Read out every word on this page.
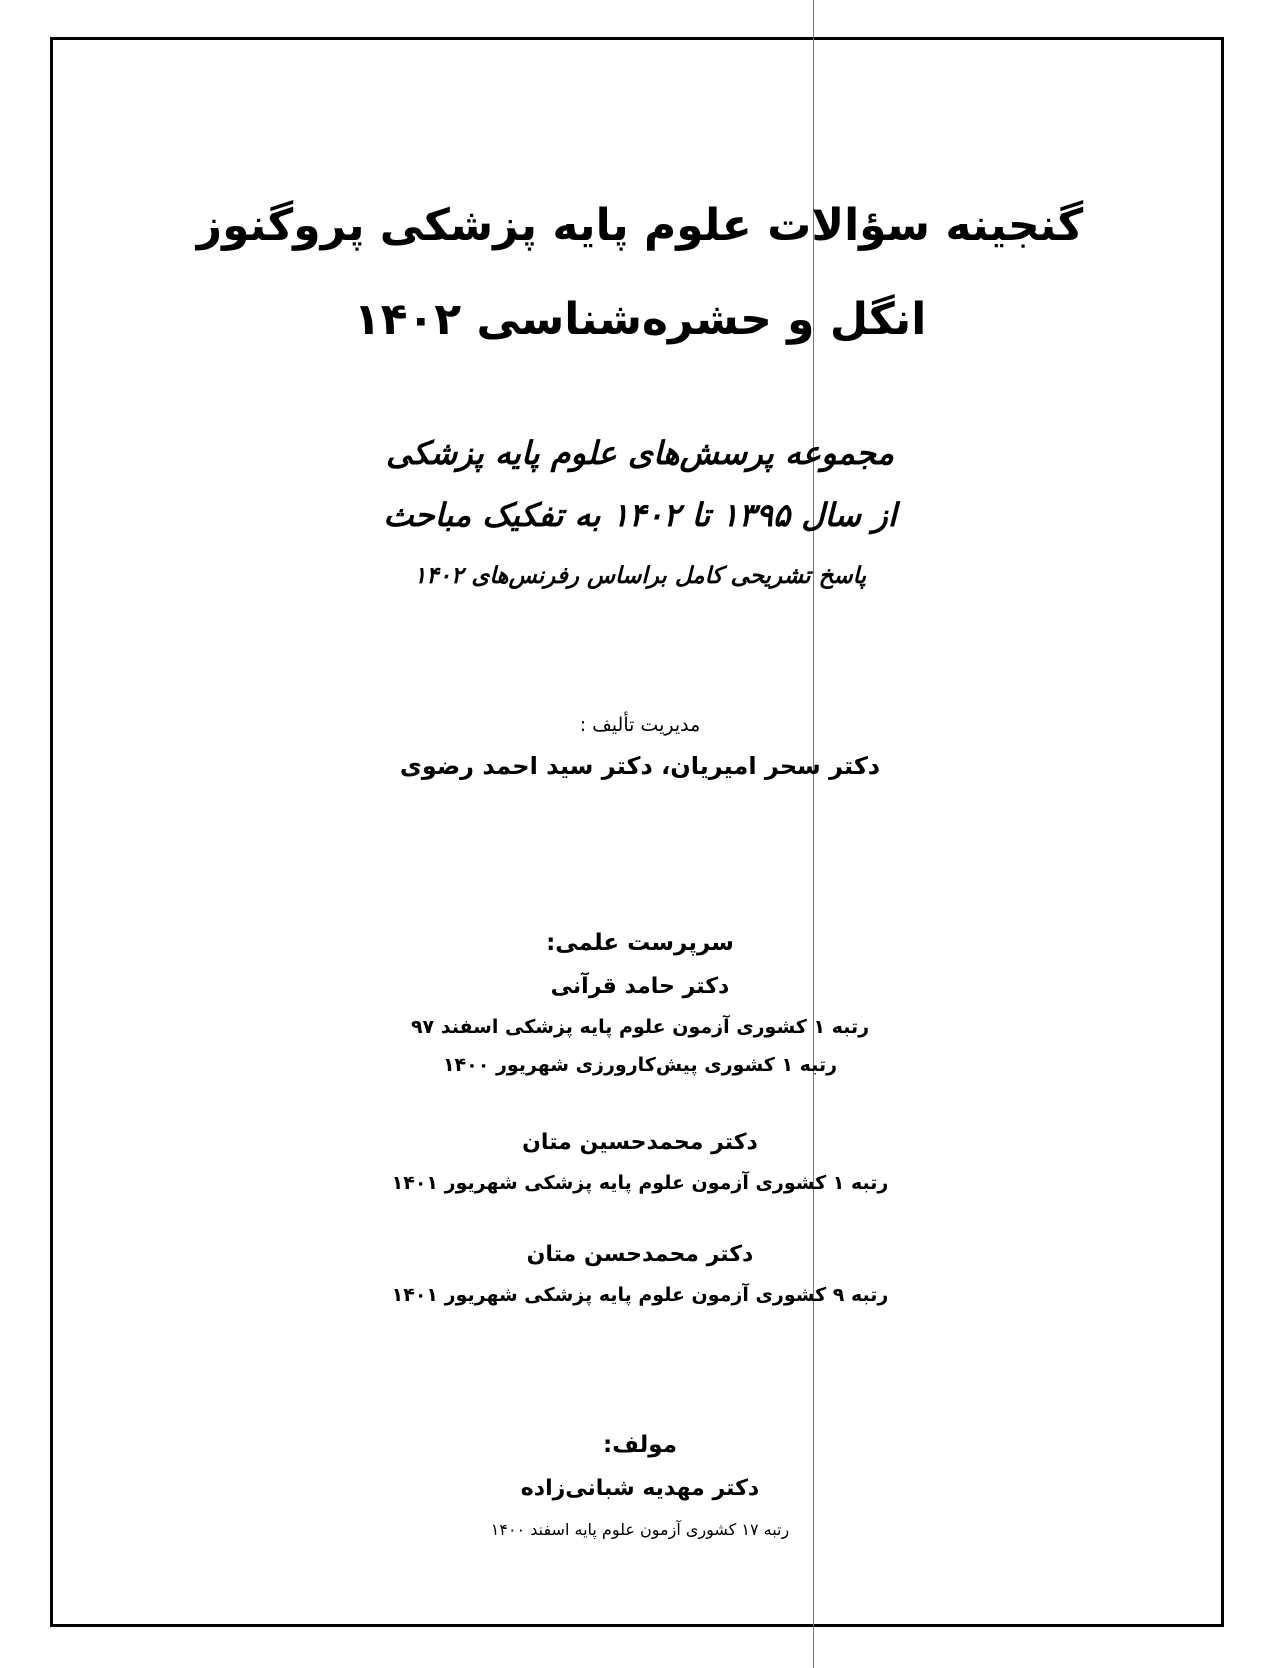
گنجینه سؤالات علوم پایه پزشکی پروگنوز
انگل و حشره‌شناسی ۱۴۰۲
مجموعه پرسش‌های علوم پایه پزشکی
از سال ۱۳۹۵ تا ۱۴۰۲ به تفکیک مباحث
پاسخ تشریحی کامل براساس رفرنس‌های ۱۴۰۲
مدیریت تألیف :
دکتر سحر امیریان، دکتر سید احمد رضوی
سرپرست علمی:
دکتر حامد قرآنی
رتبه ۱ کشوری آزمون علوم پایه پزشکی اسفند ۹۷
رتبه ۱ کشوری پیش‌کارورزی شهریور ۱۴۰۰
دکتر محمدحسین متان
رتبه ۱ کشوری آزمون علوم پایه پزشکی شهریور ۱۴۰۱
دکتر محمدحسن متان
رتبه ۹ کشوری آزمون علوم پایه پزشکی شهریور ۱۴۰۱
مولف:
دکتر مهدیه شبانی‌زاده
رتبه ۱۷ کشوری آزمون علوم پایه اسفند ۱۴۰۰
